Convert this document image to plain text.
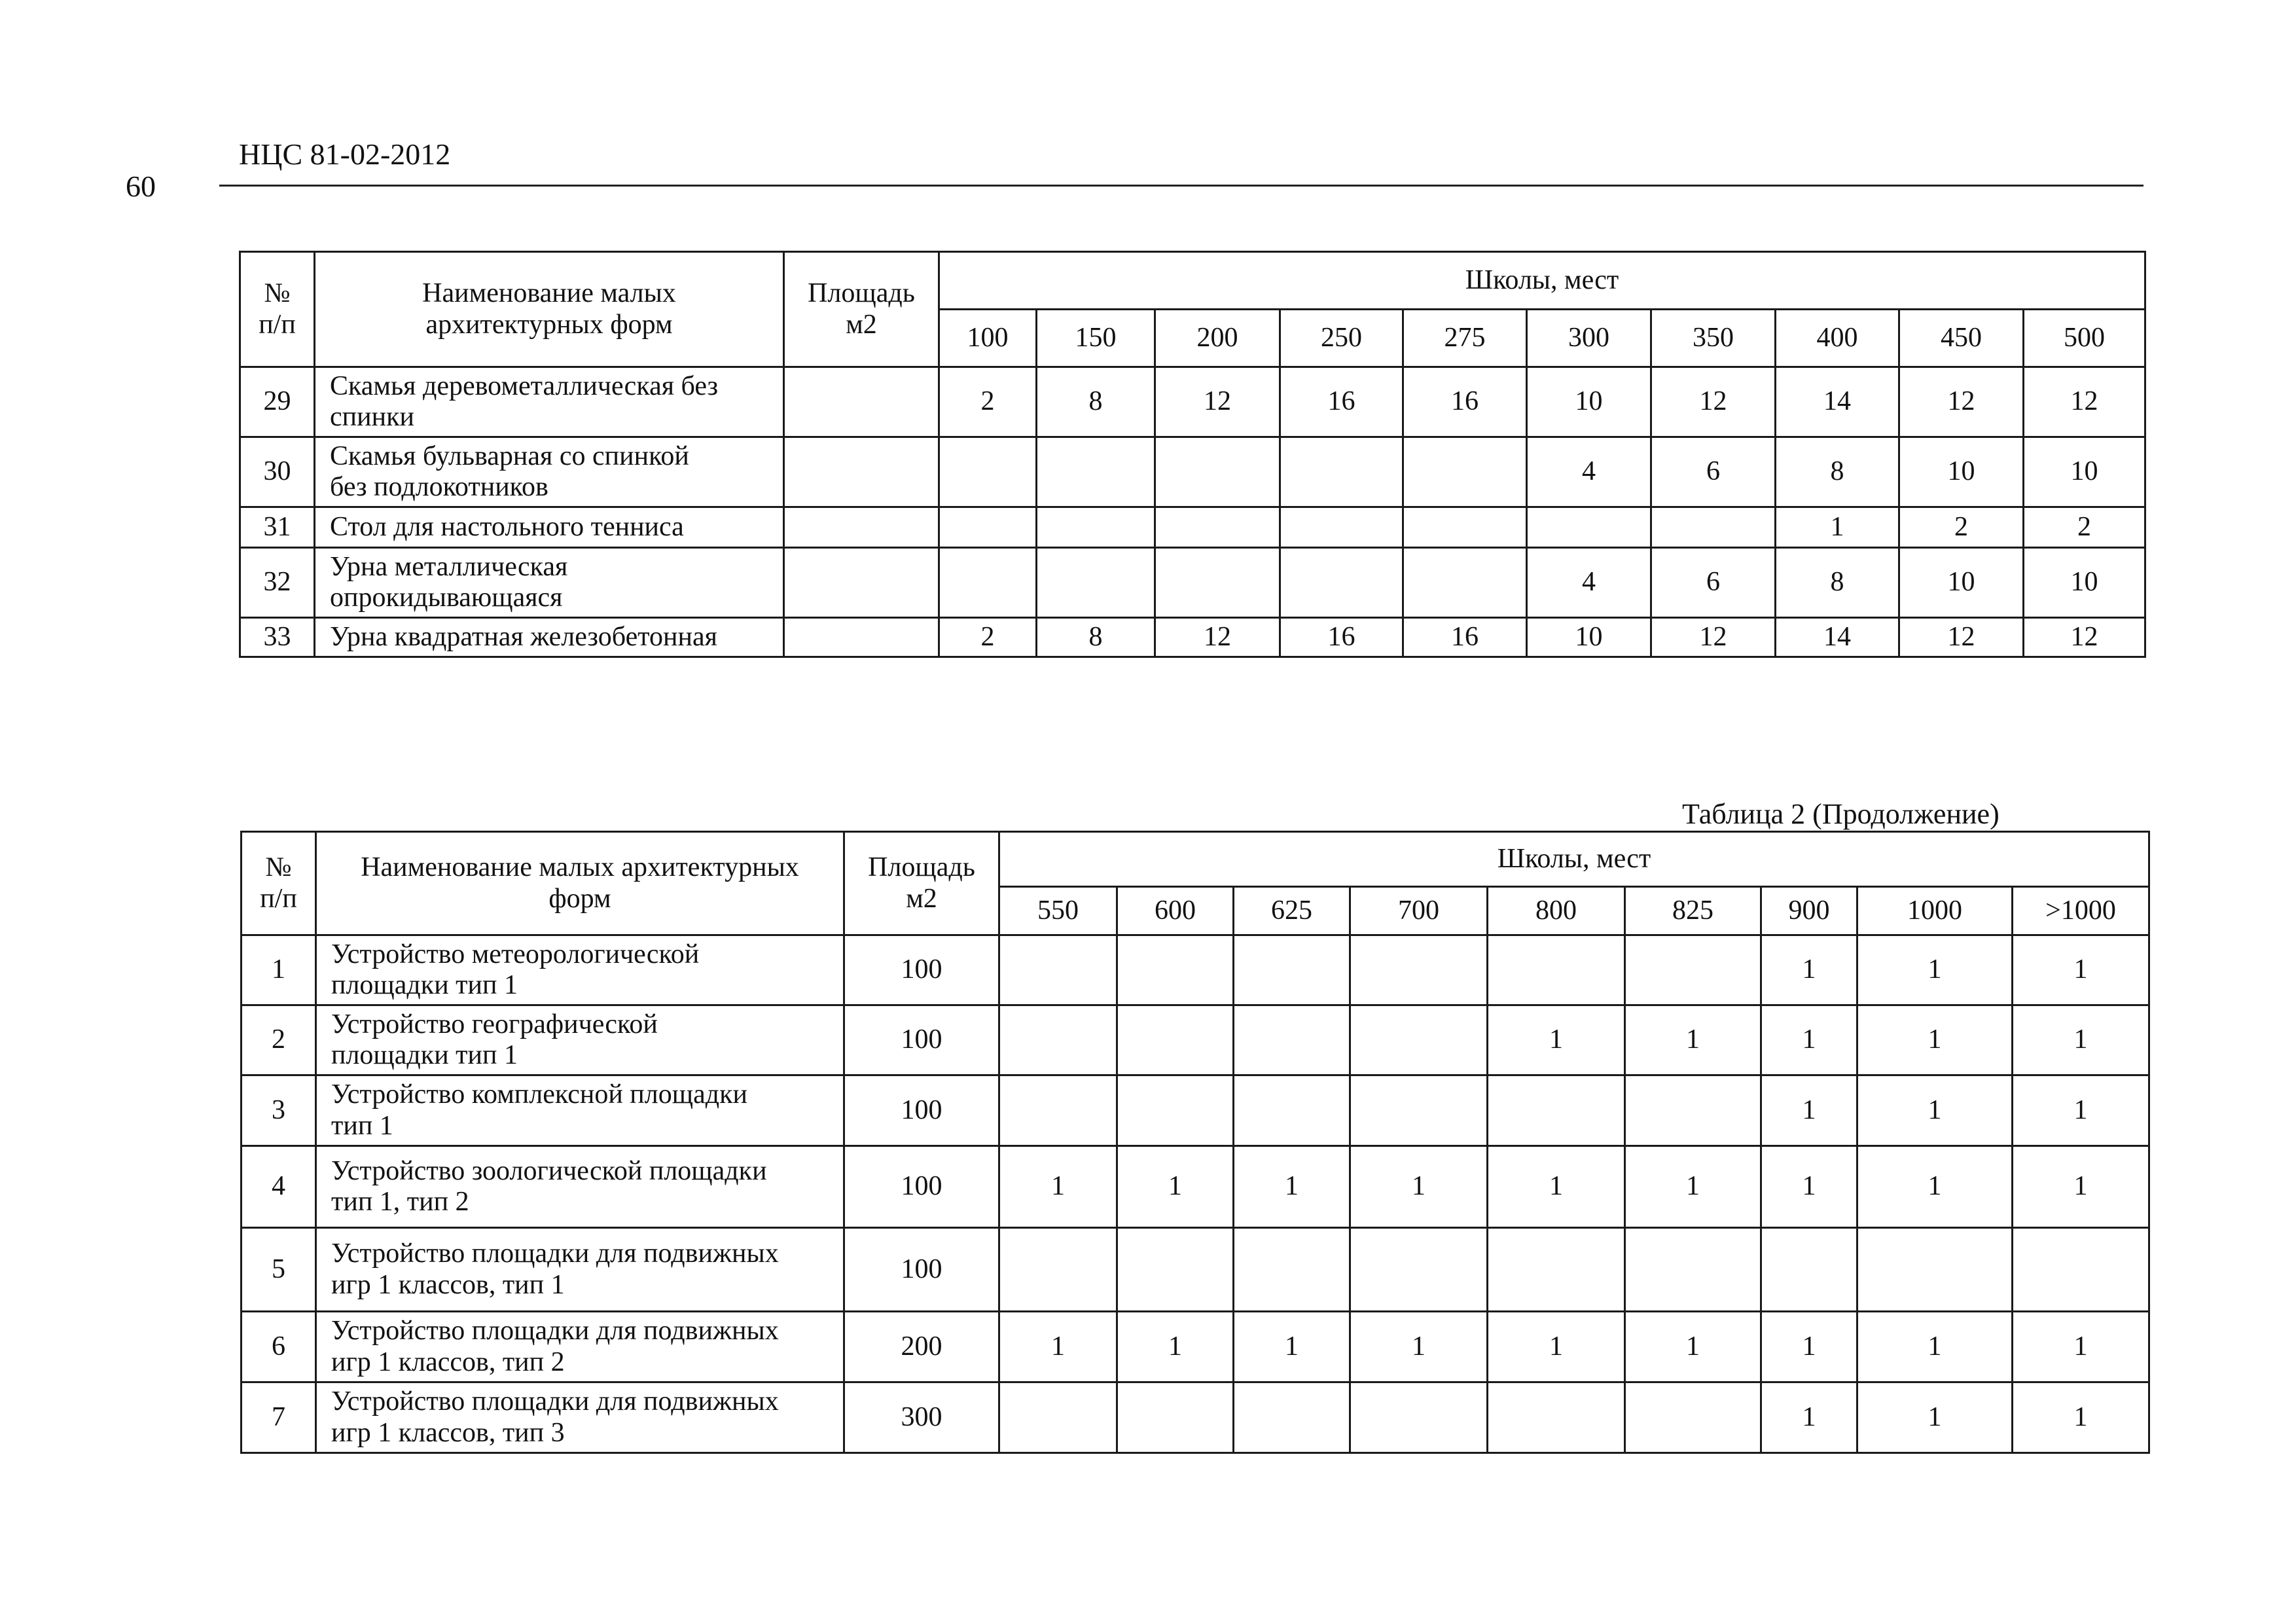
60
НЦС 81-02-2012
№
п/п	Наименование малых
архитектурных форм	Площадь
м2	Школы, мест									
			100	150	200	250	275	300	350	400	450	500
29	Скамья деревометаллическая без
спинки		2	8	12	16	16	10	12	14	12	12
30	Скамья бульварная со спинкой
без подлокотников							4	6	8	10	10
31	Стол для настольного тенниса									1	2	2
32	Урна металлическая
опрокидывающаяся							4	6	8	10	10
33	Урна квадратная железобетонная		2	8	12	16	16	10	12	14	12	12
Таблица 2 (Продолжение)
№
п/п	Наименование малых архитектурных
форм	Площадь
м2	Школы, мест								
			550	600	625	700	800	825	900	1000	>1000
1	Устройство метеорологической
площадки тип 1	100							1	1	1
2	Устройство географической
площадки тип 1	100					1	1	1	1	1
3	Устройство комплексной площадки
тип 1	100							1	1	1
4	Устройство зоологической площадки
тип 1, тип 2	100	1	1	1	1	1	1	1	1	1
5	Устройство площадки для подвижных
игр 1 классов, тип 1	100									
6	Устройство площадки для подвижных
игр 1 классов, тип 2	200	1	1	1	1	1	1	1	1	1
7	Устройство площадки для подвижных
игр 1 классов, тип 3	300							1	1	1
